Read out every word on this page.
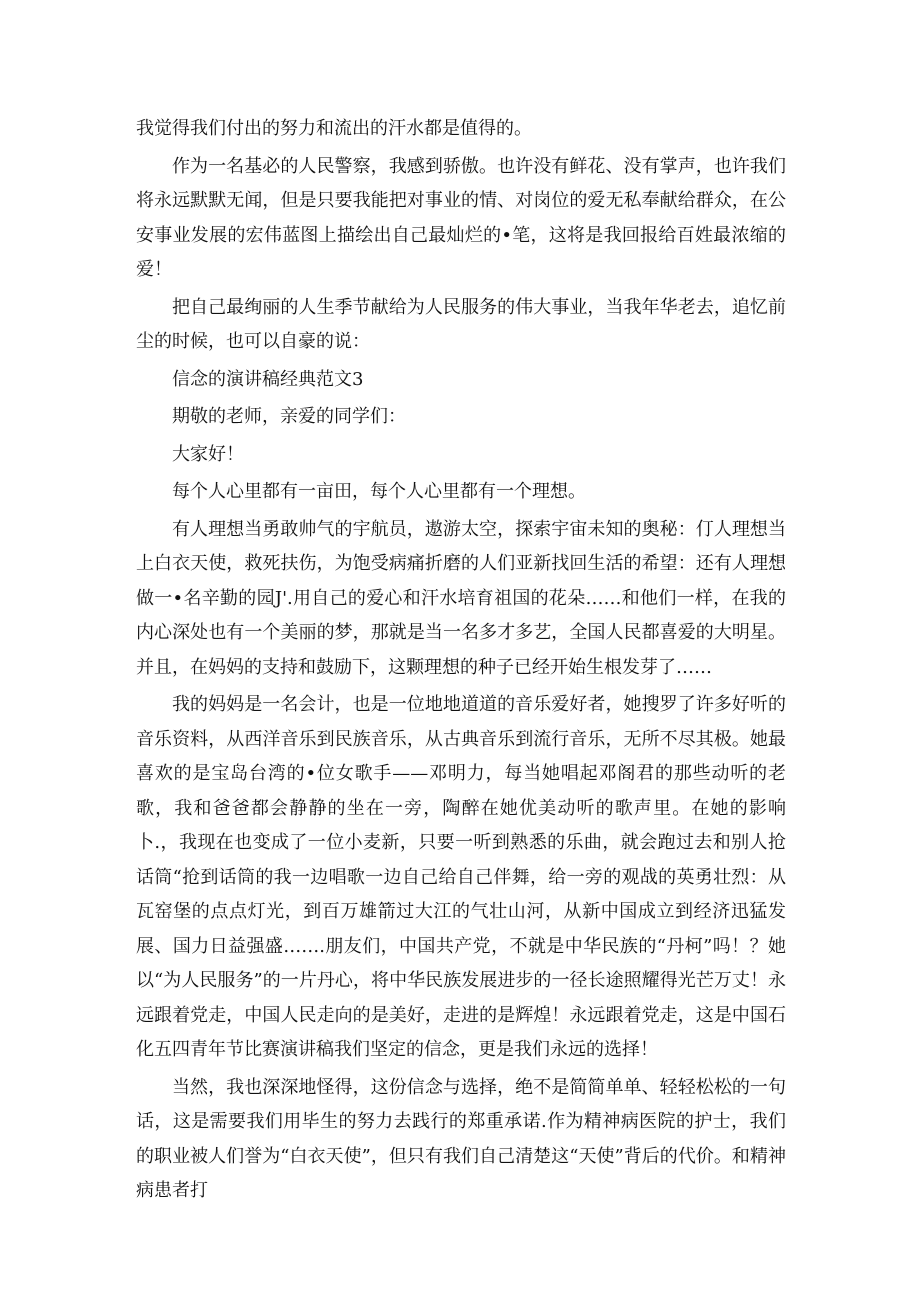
我觉得我们付出的努力和流出的汗水都是值得的。

作为一名基必的人民警察，我感到骄傲。也许没有鲜花、没有掌声，也许我们将永远默默无闻，但是只要我能把对事业的情、对岗位的爱无私奉献给群众，在公安事业发展的宏伟蓝图上描绘出自己最灿烂的•笔，这将是我回报给百姓最浓缩的爱！

把自己最绚丽的人生季节献给为人民服务的伟大事业，当我年华老去，追忆前尘的时候，也可以自豪的说：

信念的演讲稿经典范文3

期敬的老师，亲爱的同学们：

大家好！

每个人心里都有一亩田，每个人心里都有一个理想。

有人理想当勇敢帅气的宇航员，遨游太空，探索宇宙未知的奥秘：仃人理想当上白衣天使，救死扶伤，为饱受病痛折磨的人们亚新找回生活的希望：还有人理想做一•名辛勤的园J'.用自己的爱心和汗水培育祖国的花朵……和他们一样，在我的内心深处也有一个美丽的梦，那就是当一名多才多艺，全国人民都喜爱的大明星。并且，在妈妈的支持和鼓励下，这颗理想的种子已经开始生根发芽了……

我的妈妈是一名会计，也是一位地地道道的音乐爱好者，她搜罗了许多好听的音乐资料，从西洋音乐到民族音乐，从古典音乐到流行音乐，无所不尽其极。她最喜欢的是宝岛台湾的•位女歌手——邓明力，每当她唱起邓阁君的那些动听的老歌，我和爸爸都会静静的坐在一旁，陶醉在她优美动听的歌声里。在她的影响卜.，我现在也变成了一位小麦新，只要一听到熟悉的乐曲，就会跑过去和别人抢话筒“抢到话筒的我一边唱歌一边自己给自己伴舞，给一旁的观战的英勇壮烈：从瓦窑堡的点点灯光，到百万雄箭过大江的气壮山河，从新中国成立到经济迅猛发展、国力日益强盛…….朋友们，中国共产党，不就是中华民族的“丹柯”吗！？她以“为人民服务”的一片丹心，将中华民族发展进步的一径长途照耀得光芒万丈！永远跟着党走，中国人民走向的是美好，走进的是辉煌！永远跟着党走，这是中国石化五四青年节比赛演讲稿我们坚定的信念，更是我们永远的选择！

当然，我也深深地怪得，这份信念与选择，绝不是简简单单、轻轻松松的一句话，这是需要我们用毕生的努力去践行的郑重承诺.作为精神病医院的护士，我们的职业被人们誉为“白衣天使”，但只有我们自己清楚这“天使”背后的代价。和精神病患者打
